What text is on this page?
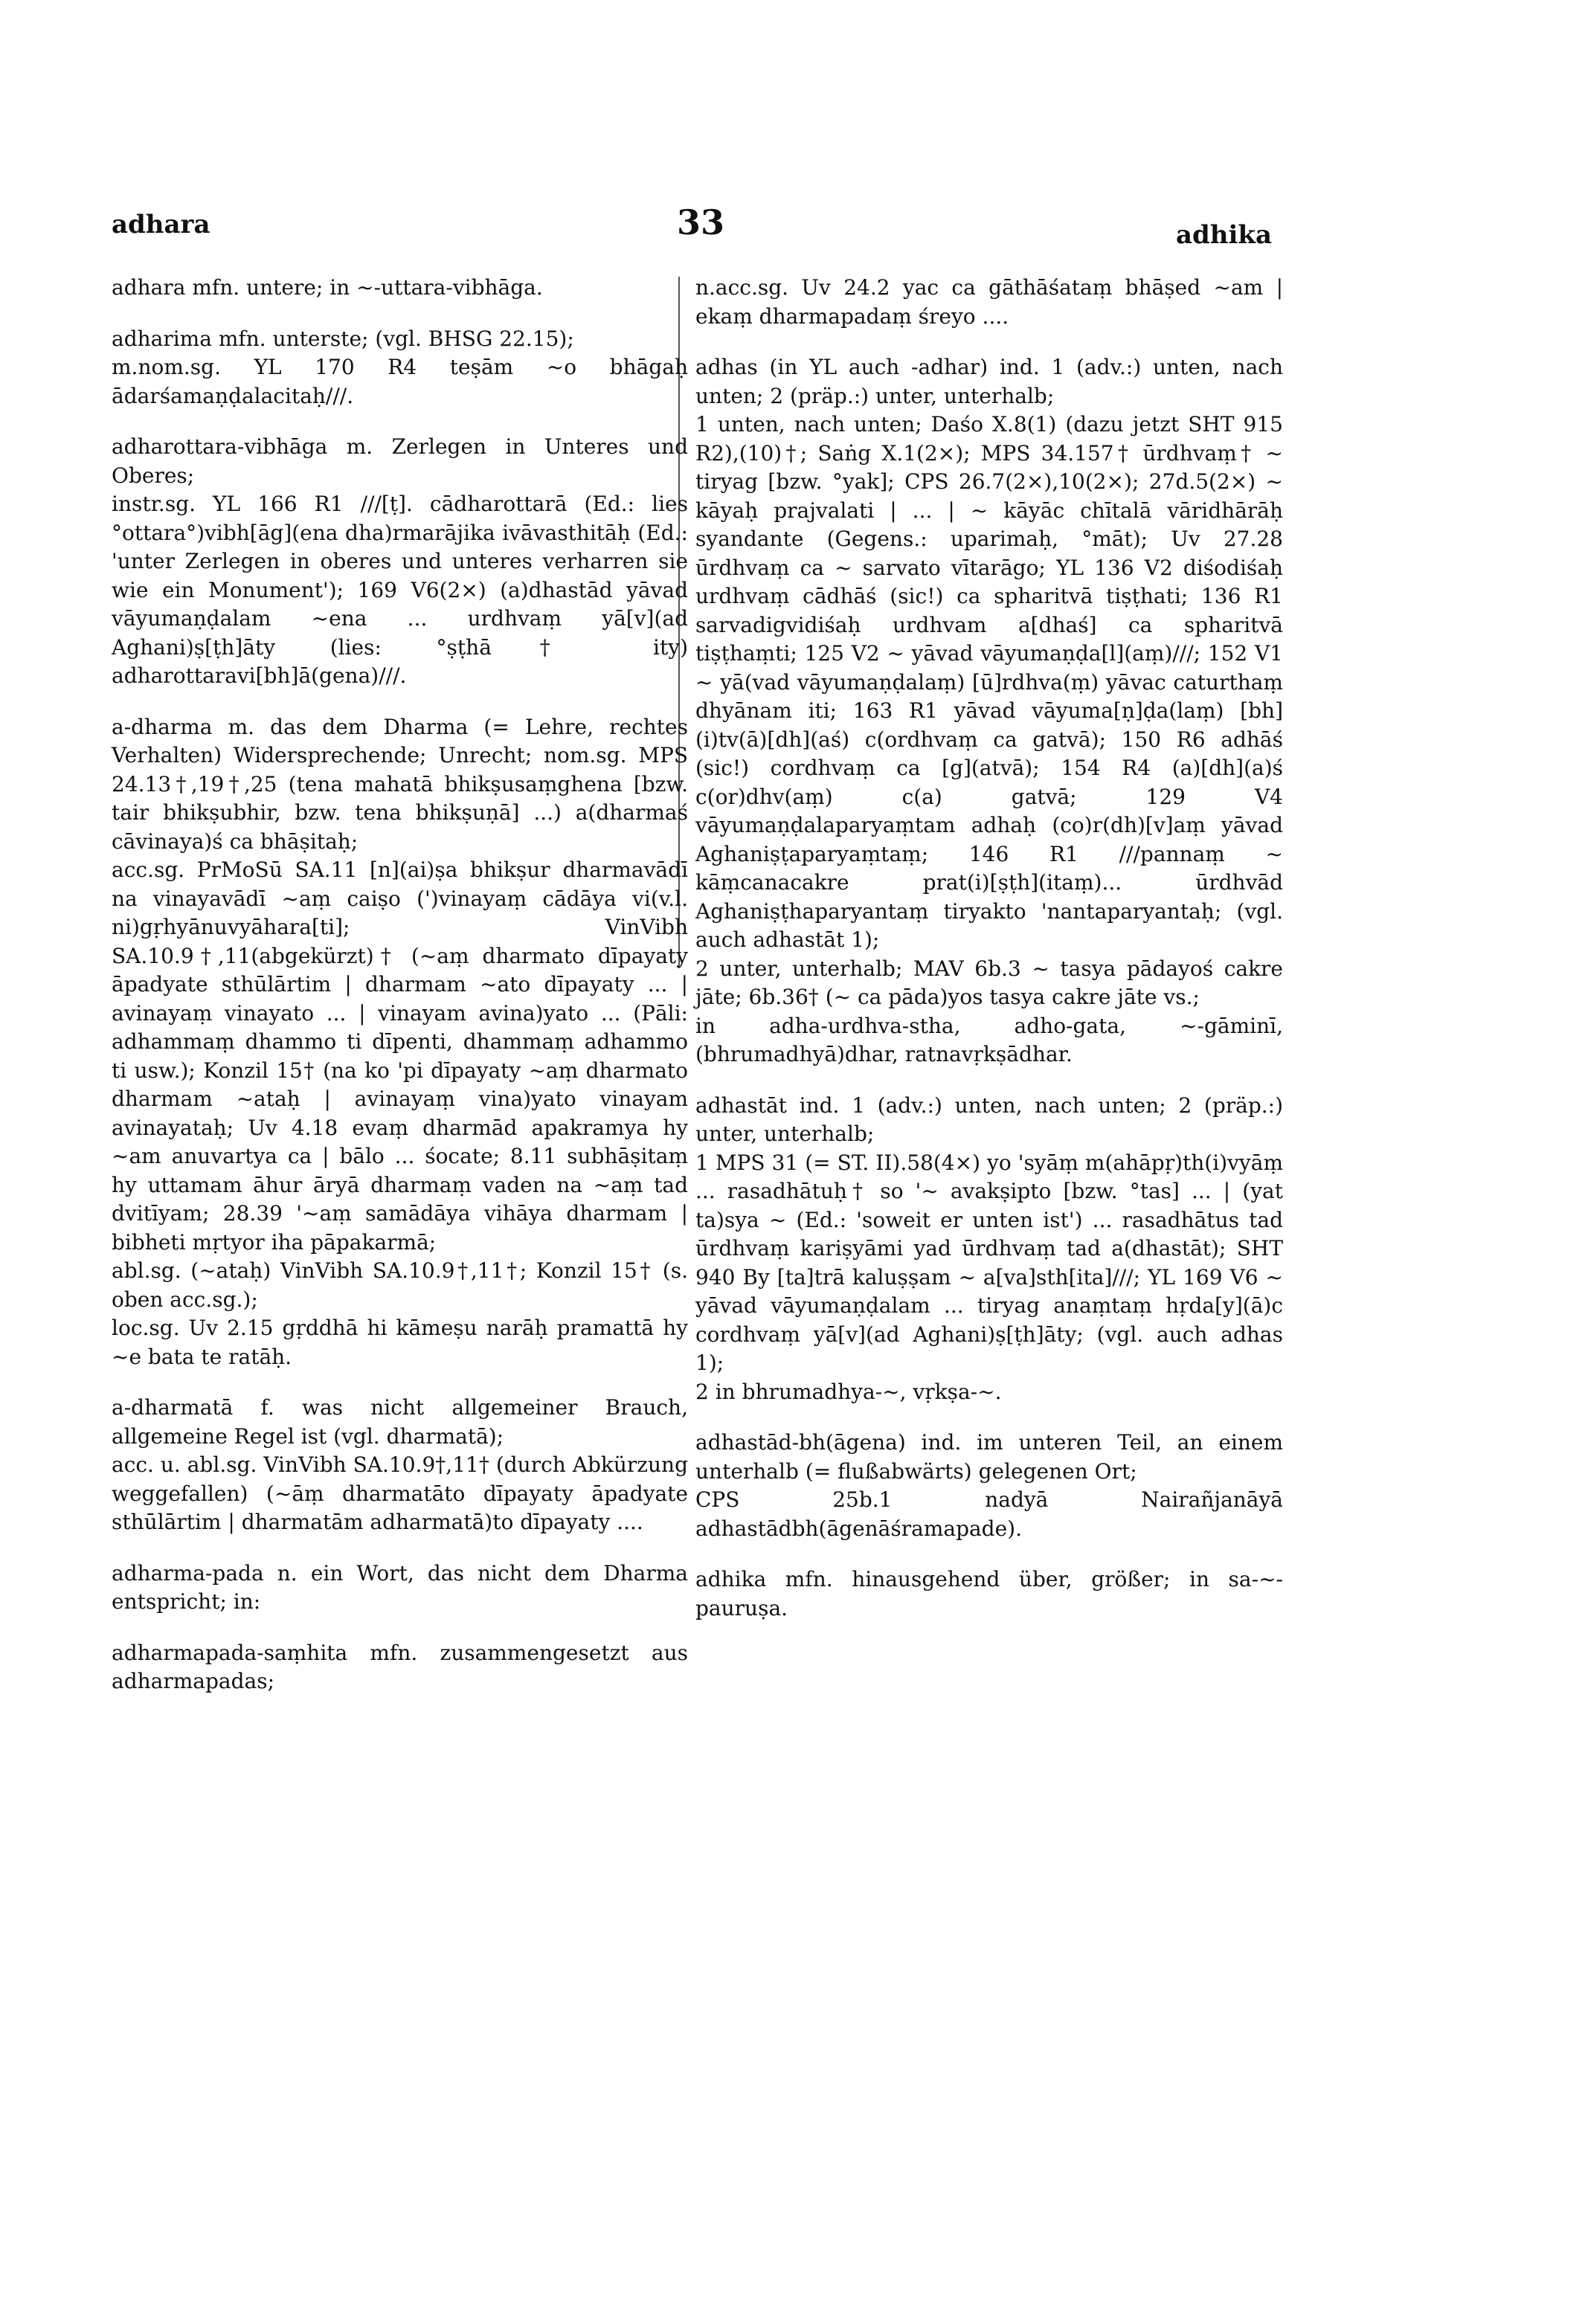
adhara	33	adhika

adhara mfn. untere; in ~-uttara-vibhāga.

adharima mfn. unterste; (vgl. BHSG 22.15);

m.nom.sg. YL 170 R4 teṣām ~o bhāgaḥ ādarśamaṇḍalacitaḥ///.

adharottara-vibhāga m. Zerlegen in Unteres und Oberes;

instr.sg. YL 166 R1 ///[ṭ]. cādharottarā (Ed.: lies °ottara°)vibh[āg](ena dha)rmarājika ivāvasthitāḥ (Ed.: 'unter Zerlegen in oberes und unteres verharren sie wie ein Monument'); 169 V6(2×) (a)dhastād yāvad vāyumaṇḍalam ~ena ... urdhvaṃ yā[v](ad Aghani)ṣ[ṭh]āty (lies: °ṣṭhā† ity) adharottaravi[bh]ā(gena)///.

a-dharma m. das dem Dharma (= Lehre, rechtes Verhalten) Widersprechende; Unrecht; nom.sg. MPS 24.13†,19†,25 (tena mahatā bhikṣusaṃghena [bzw. tair bhikṣubhir, bzw. tena bhikṣuṇā] ...) a(dharmaś cāvinaya)ś ca bhāṣitaḥ;

acc.sg. PrMoSū SA.11 [n](ai)ṣa bhikṣur dharmavādī na vinayavādī ~aṃ caiṣo (')vinayaṃ cādāya vi(v.l. ni)gṛhyānuvyāhara[ti]; VinVibh SA.10.9†,11(abgekürzt)† (~aṃ dharmato dīpayaty āpadyate sthūlārtim | dharmam ~ato dīpayaty ... | avinayaṃ vinayato ... | vinayam avina)yato ... (Pāli: adhammaṃ dhammo ti dīpenti, dhammaṃ adhammo ti usw.); Konzil 15† (na ko 'pi dīpayaty ~aṃ dharmato dharmam ~ataḥ | avinayaṃ vina)yato vinayam avinayataḥ; Uv 4.18 evaṃ dharmād apakramya hy ~am anuvartya ca | bālo ... śocate; 8.11 subhāṣitaṃ hy uttamam āhur āryā dharmaṃ vaden na ~aṃ tad dvitīyam; 28.39 '~aṃ samādāya vihāya dharmam | bibheti mṛtyor iha pāpakarmā;

abl.sg. (~ataḥ) VinVibh SA.10.9†,11†; Konzil 15† (s. oben acc.sg.);

loc.sg. Uv 2.15 gṛddhā hi kāmeṣu narāḥ pramattā hy ~e bata te ratāḥ.

a-dharmatā f. was nicht allgemeiner Brauch, allgemeine Regel ist (vgl. dharmatā);

acc. u. abl.sg. VinVibh SA.10.9†,11† (durch Abkürzung weggefallen) (~āṃ dharmatāto dīpayaty āpadyate sthūlārtim | dharmatām adharmatā)to dīpayaty ....

adharma-pada n. ein Wort, das nicht dem Dharma entspricht; in:

adharmapada-saṃhita mfn. zusammengesetzt aus adharmapadas;

n.acc.sg. Uv 24.2 yac ca gāthāśataṃ bhāṣed ~am | ekaṃ dharmapadaṃ śreyo ....

adhas (in YL auch -adhar) ind. 1 (adv.:) unten, nach unten; 2 (präp.:) unter, unterhalb;

1 unten, nach unten; Daśo X.8(1) (dazu jetzt SHT 915 R2),(10)†; Saṅg X.1(2×); MPS 34.157† ūrdhvaṃ† ~ tiryag [bzw. °yak]; CPS 26.7(2×),10(2×); 27d.5(2×) ~ kāyaḥ prajvalati | ... | ~ kāyāc chītalā vāridhārāḥ syandante (Gegens.: uparimaḥ, °māt); Uv 27.28 ūrdhvaṃ ca ~ sarvato vītarāgo; YL 136 V2 diśodiśaḥ urdhvaṃ cādhāś (sic!) ca spharitvā tiṣṭhati; 136 R1 sarvadigvidiśaḥ urdhvam a[dhaś] ca spharitvā tiṣṭhaṃti; 125 V2 ~ yāvad vāyumaṇḍa[l](aṃ)///; 152 V1 ~ yā(vad vāyumaṇḍalaṃ) [ū]rdhva(ṃ) yāvac caturthaṃ dhyānam iti; 163 R1 yāvad vāyuma[ṇ]ḍa(laṃ) [bh](i)tv(ā)[dh](aś) c(ordhvaṃ ca gatvā); 150 R6 adhāś (sic!) cordhvaṃ ca [g](atvā); 154 R4 (a)[dh](a)ś c(or)dhv(aṃ) c(a) gatvā; 129 V4 vāyumaṇḍalaparyaṃtam adhaḥ (co)r(dh)[v]aṃ yāvad Aghaniṣṭaparyaṃtaṃ; 146 R1 ///pannaṃ ~ kāṃcanacakre prat(i)[ṣṭh](itaṃ)... ūrdhvād Aghaniṣṭhaparyantaṃ tiryakto 'nantaparyantaḥ; (vgl. auch adhastāt 1);

2 unter, unterhalb; MAV 6b.3 ~ tasya pādayoś cakre jāte; 6b.36† (~ ca pāda)yos tasya cakre jāte vs.;

in adha-urdhva-stha, adho-gata, ~-gāminī, (bhrumadhyā)dhar, ratnavṛkṣādhar.

adhastāt ind. 1 (adv.:) unten, nach unten; 2 (präp.:) unter, unterhalb;

1 MPS 31 (= ST. II).58(4×) yo 'syāṃ m(ahāpṛ)th(i)vyāṃ ... rasadhātuḥ† so '~ avakṣipto [bzw. °tas] ... | (yat ta)sya ~ (Ed.: 'soweit er unten ist') ... rasadhātus tad ūrdhvaṃ kariṣyāmi yad ūrdhvaṃ tad a(dhastāt); SHT 940 By [ta]trā kaluṣṣam ~ a[va]sth[ita]///; YL 169 V6 ~ yāvad vāyumaṇḍalam ... tiryag anaṃtaṃ hṛda[y](ā)c cordhvaṃ yā[v](ad Aghani)ṣ[ṭh]āty; (vgl. auch adhas 1);

2 in bhrumadhya-~, vṛkṣa-~.

adhastād-bh(āgena) ind. im unteren Teil, an einem unterhalb (= flußabwärts) gelegenen Ort;

CPS 25b.1 nadyā Nairañjanāyā adhastādbh(āgenāśramapade).

adhika mfn. hinausgehend über, größer; in sa-~-pauruṣa.
